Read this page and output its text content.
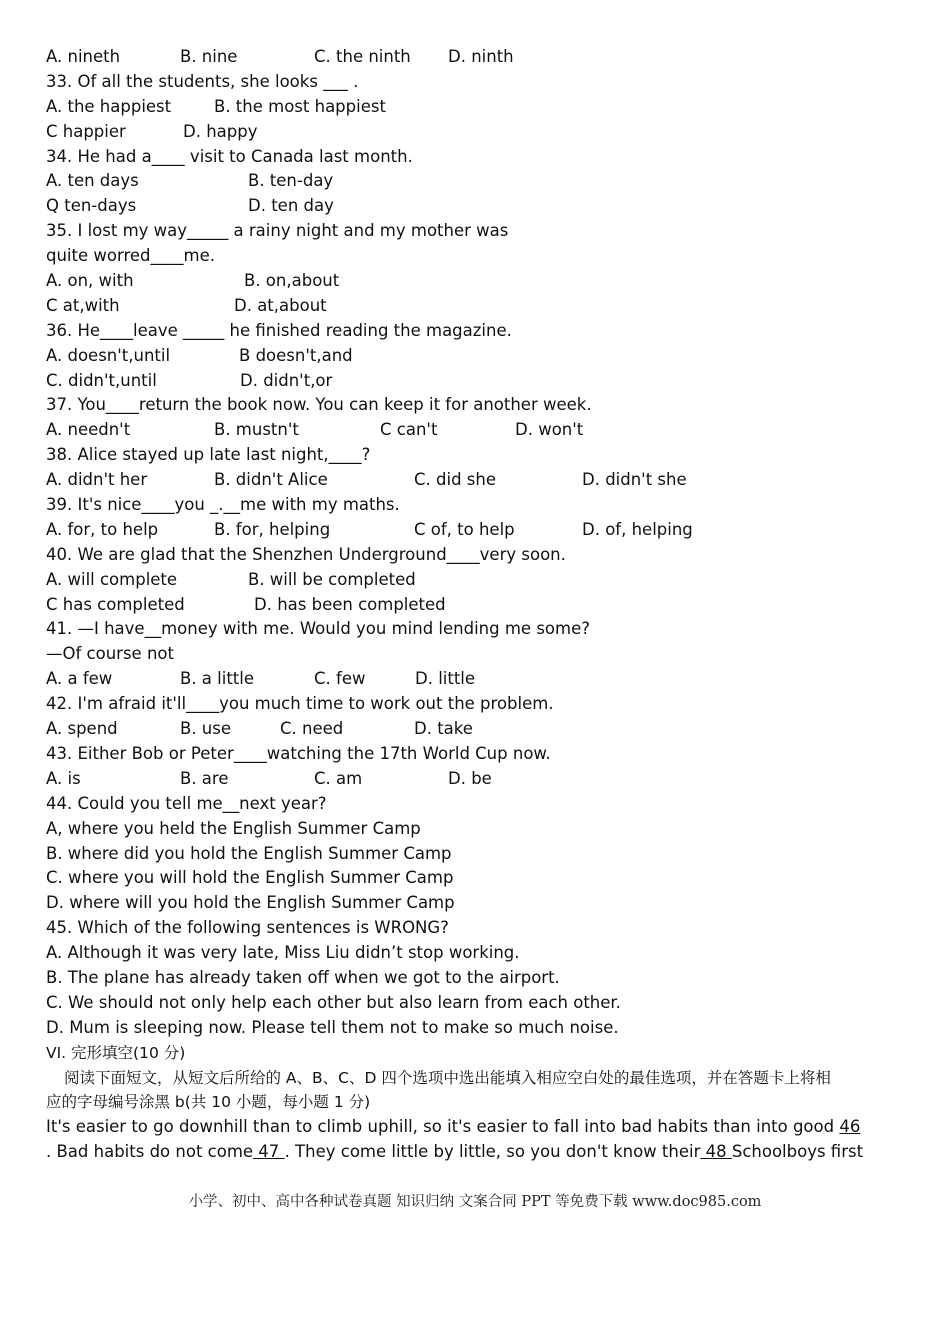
A. nineth	B. nine	C. the ninth D. ninth
33. Of all the students, she looks ___ .
A. the happiest	B. the most happiest
C happier	D. happy
34. He had a____ visit to Canada last month.
A. ten days	B. ten-day
Q ten-days	D. ten day
35. I lost my way_____ a rainy night and my mother was
quite worred____me.
A. on, with	B. on,about
C at,with	D. at,about
36. He____leave _____ he finished reading the magazine.
A. doesn't,until	B doesn't,and
C. didn't,until	D. didn't,or
37. You____return the book now. You can keep it for another week.
A. needn't	B. mustn't	C can't	D. won't
38. Alice stayed up late last night,____?
A. didn't her	B. didn't Alice	C. did she	D. didn't she
39. It's nice____you _.__me with my maths.
A. for, to help	B. for, helping	C of, to help	D. of, helping
40. We are glad that the Shenzhen Underground____very soon.
A. will complete	B. will be completed
C has completed	D. has been completed
41. —I have__money with me. Would you mind lending me some?
—Of course not
A. a few	B. a little	C. few	D. little
42. I'm afraid it'll____you much time to work out the problem.
A. spend	B. use	C. need	D. take
43. Either Bob or Peter____watching the 17th World Cup now.
A. is	B. are	C. am	D. be
44. Could you tell me__next year?
A, where you held the English Summer Camp
B. where did you hold the English Summer Camp
C. where you will hold the English Summer Camp
D. where will you hold the English Summer Camp
45. Which of the following sentences is WRONG?
A. Although it was very late, Miss Liu didn’t stop working.
B. The plane has already taken off when we got to the airport.
C. We should not only help each other but also learn from each other.
D. Mum is sleeping now. Please tell them not to make so much noise.
VI. 完形填空(10 分)
阅读下面短文，从短文后所给的 A、B、C、D 四个选项中选出能填入相应空白处的最佳选项，并在答题卡上将相
应的字母编号涂黑 b(共 10 小题，每小题 1 分)
It's easier to go downhill than to climb uphill, so it's easier to fall into bad habits than into good 46
. Bad habits do not come 47 . They come little by little, so you don't know their 48 Schoolboys first
小学、初中、高中各种试卷真题 知识归纳 文案合同 PPT 等免费下载 www.doc985.com
